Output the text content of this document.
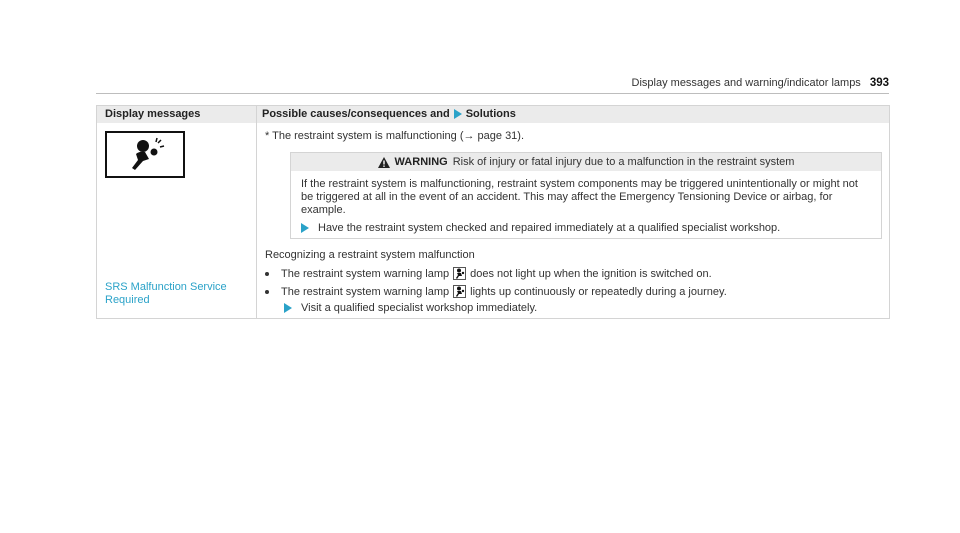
Display messages and warning/indicator lamps 393
Display messages	Possible causes/consequences and Solutions
SRS Malfunction Service
Required
* The restraint system is malfunctioning (→ page 31).
WARNING Risk of injury or fatal injury due to a malfunction in the restraint system
If the restraint system is malfunctioning, restraint system components may be triggered unintentionally or might not be triggered at all in the event of an accident. This may affect the Emergency Tensioning Device or airbag, for example.
Have the restraint system checked and repaired immediately at a qualified specialist workshop.
Recognizing a restraint system malfunction
The restraint system warning lamp does not light up when the ignition is switched on.
The restraint system warning lamp lights up continuously or repeatedly during a journey.
Visit a qualified specialist workshop immediately.
